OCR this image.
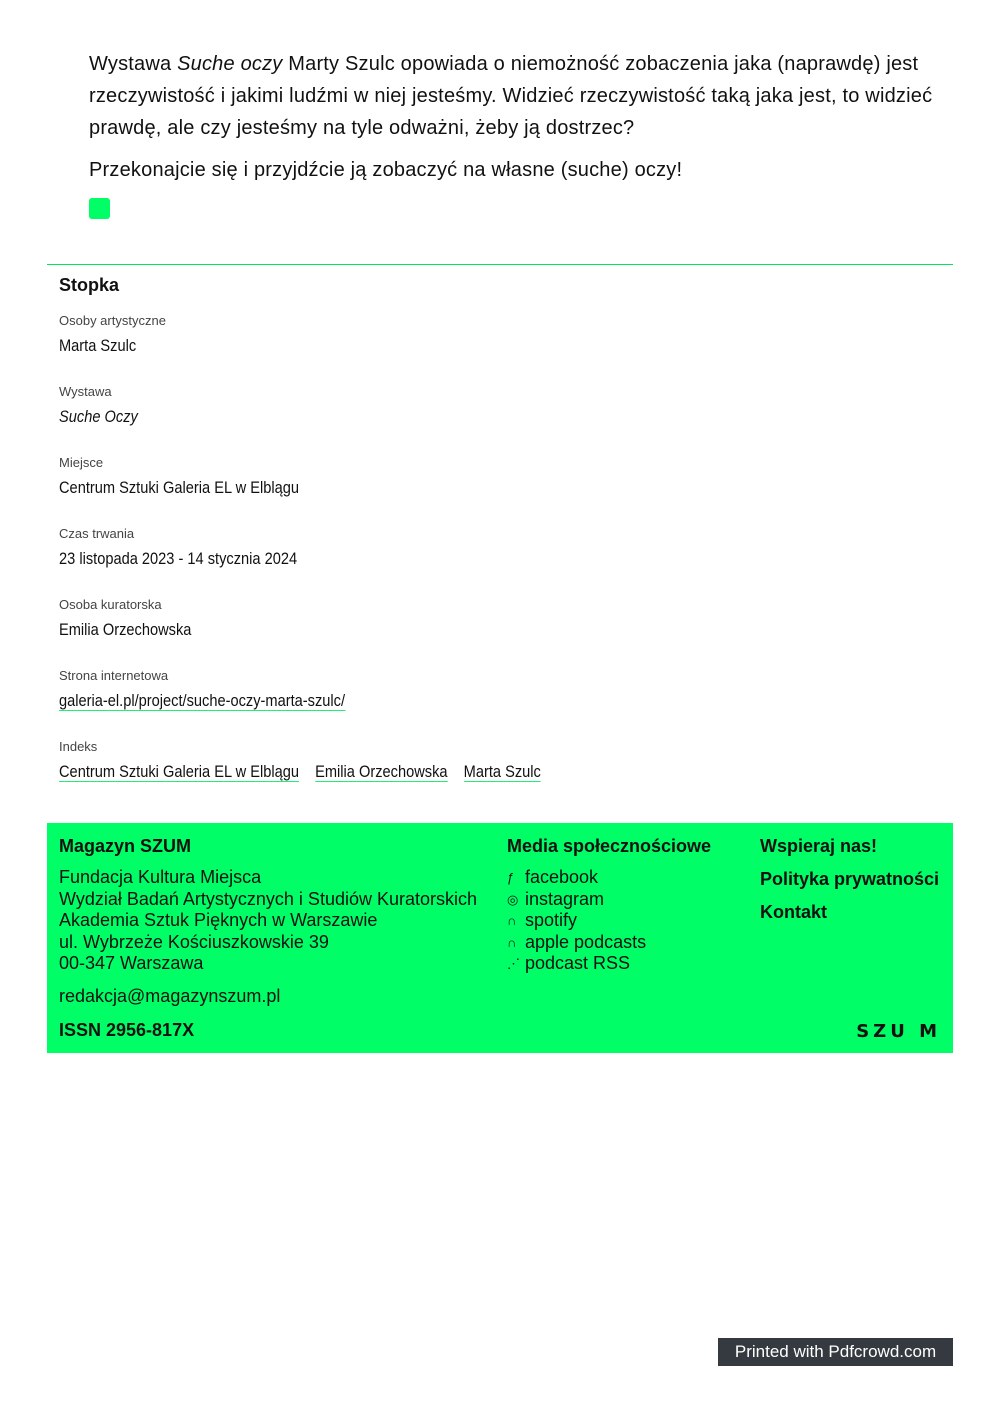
Wystawa Suche oczy Marty Szulc opowiada o niemożność zobaczenia jaka (naprawdę) jest rzeczywistość i jakimi ludźmi w niej jesteśmy. Widzieć rzeczywistość taką jaka jest, to widzieć prawdę, ale czy jesteśmy na tyle odważni, żeby ją dostrzec?

Przekonajcie się i przyjdźcie ją zobaczyć na własne (suche) oczy!

Stopka
Osoby artystyczne
Marta Szulc
Wystawa
Suche Oczy
Miejsce
Centrum Sztuki Galeria EL w Elblągu
Czas trwania
23 listopada 2023 - 14 stycznia 2024
Osoba kuratorska
Emilia Orzechowska
Strona internetowa
galeria-el.pl/project/suche-oczy-marta-szulc/
Indeks
Centrum Sztuki Galeria EL w Elblągu Emilia Orzechowska Marta Szulc
Magazyn SZUM
Fundacja Kultura Miejsca
Wydział Badań Artystycznych i Studiów Kuratorskich
Akademia Sztuk Pięknych w Warszawie
ul. Wybrzeże Kościuszkowskie 39
00-347 Warszawa
redakcja@magazynszum.pl
Media społecznościowe
ƒ facebook
◎ instagram
∩ spotify
∩ apple podcasts
⋰ podcast RSS
Wspieraj nas!
Polityka prywatności
Kontakt
ISSN 2956-817X	SZU M
Printed with Pdfcrowd.com
